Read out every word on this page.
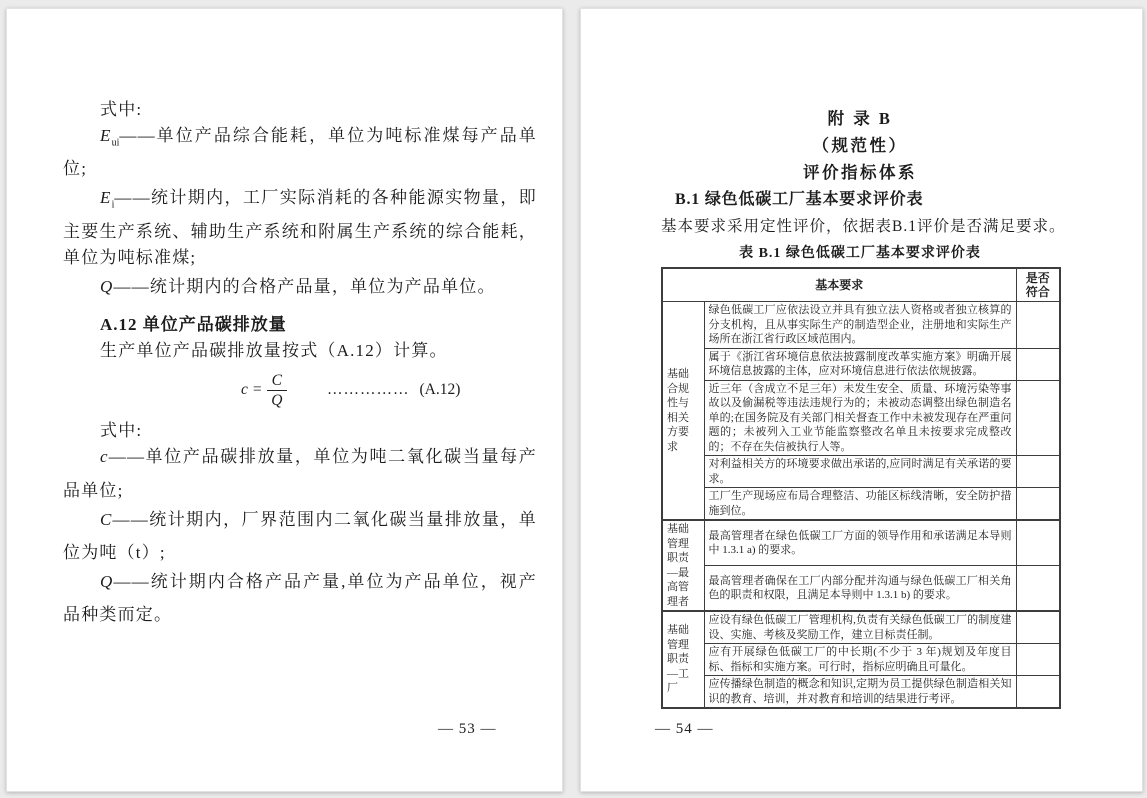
式中:

$E_{ui}——$单位产品综合能耗，单位为吨标准煤每产品单位;

$E_i——$统计期内，工厂实际消耗的各种能源实物量，即主要生产系统、辅助生产系统和附属生产系统的综合能耗，单位为吨标准煤;

Q——统计期内的合格产品量，单位为产品单位。

A.12 单位产品碳排放量

生产单位产品碳排放量按式（A.12）计算。

$c = \frac{C}{Q}$	…………… (A.12)

式中:

c——单位产品碳排放量，单位为吨二氧化碳当量每产品单位;

C——统计期内，厂界范围内二氧化碳当量排放量，单位为吨（t）;

Q——统计期内合格产品产量,单位为产品单位，视产品种类而定。

— 53 —

附 录 B

（规范性）

评价指标体系

B.1 绿色低碳工厂基本要求评价表

基本要求采用定性评价，依据表B.1评价是否满足要求。

表 B.1 绿色低碳工厂基本要求评价表

基本要求		是否符合

基础合规性与相关方要求	绿色低碳工厂应依法设立并具有独立法人资格或者独立核算的分支机构，且从事实际生产的制造型企业，注册地和实际生产场所在浙江省行政区域范围内。	
	属于《浙江省环境信息依法披露制度改革实施方案》明确开展环境信息披露的主体，应对环境信息进行依法依规披露。	
	近三年（含成立不足三年）未发生安全、质量、环境污染等事故以及偷漏税等违法违规行为的；未被动态调整出绿色制造名单的;在国务院及有关部门相关督查工作中未被发现存在严重问题的；未被列入工业节能监察整改名单且未按要求完成整改的；不存在失信被执行人等。	
	对利益相关方的环境要求做出承诺的,应同时满足有关承诺的要求。	
	工厂生产现场应布局合理整洁、功能区标线清晰，安全防护措施到位。	
基础管理职责—最高管理者	最高管理者在绿色低碳工厂方面的领导作用和承诺满足本导则中 1.3.1 a) 的要求。	
	最高管理者确保在工厂内部分配并沟通与绿色低碳工厂相关角色的职责和权限，且满足本导则中 1.3.1 b) 的要求。	
基础管理职责—工厂	应设有绿色低碳工厂管理机构,负责有关绿色低碳工厂的制度建设、实施、考核及奖励工作，建立目标责任制。	
	应有开展绿色低碳工厂的中长期(不少于 3 年)规划及年度目标、指标和实施方案。可行时，指标应明确且可量化。	
	应传播绿色制造的概念和知识,定期为员工提供绿色制造相关知识的教育、培训，并对教育和培训的结果进行考评。	

— 54 —
